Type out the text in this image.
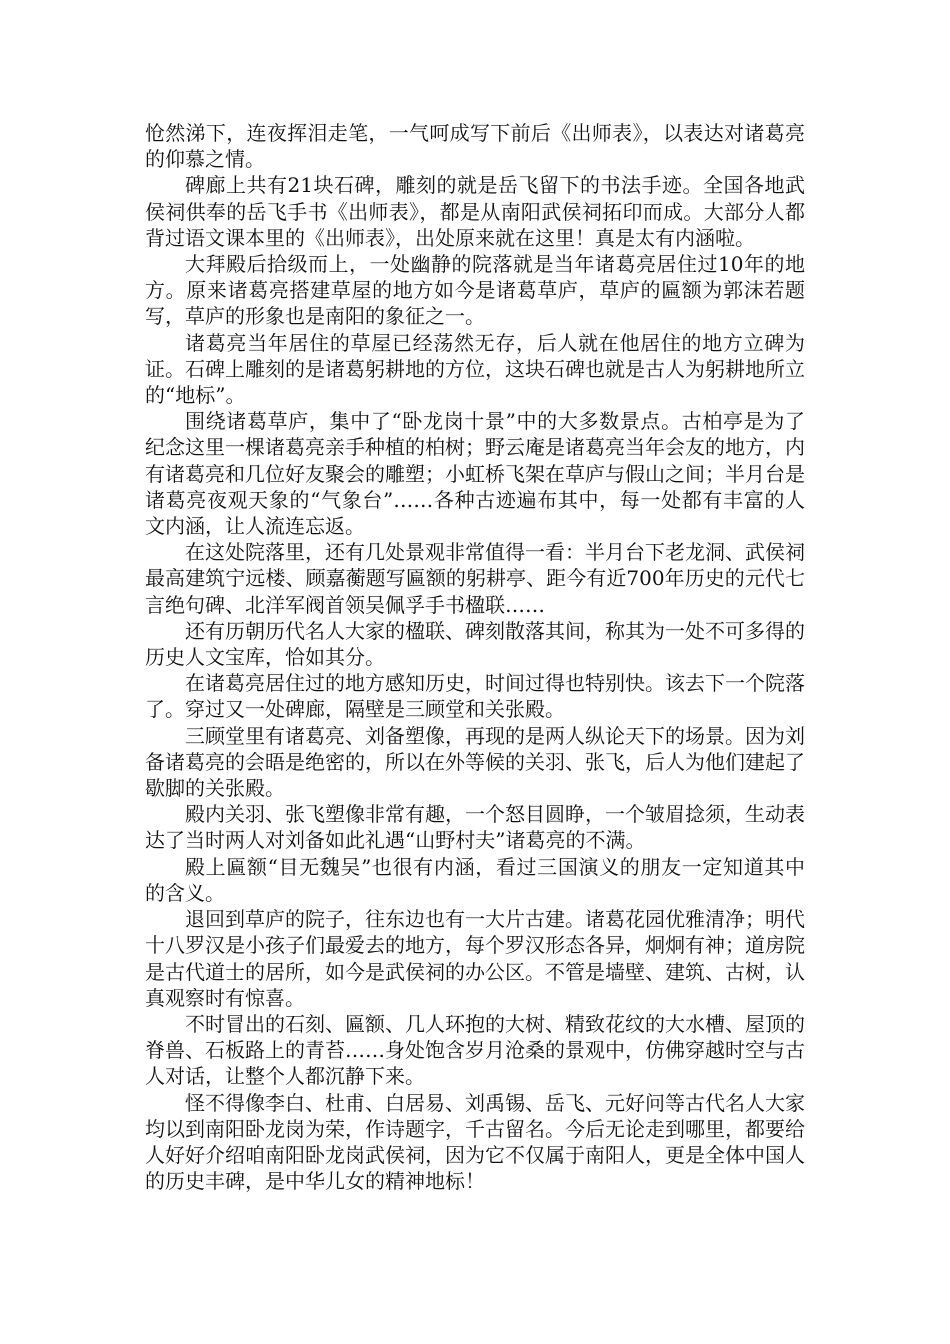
怆然涕下，连夜挥泪走笔，一气呵成写下前后《出师表》，以表达对诸葛亮的仰慕之情。

碑廊上共有21块石碑，雕刻的就是岳飞留下的书法手迹。全国各地武侯祠供奉的岳飞手书《出师表》，都是从南阳武侯祠拓印而成。大部分人都背过语文课本里的《出师表》，出处原来就在这里！真是太有内涵啦。

大拜殿后拾级而上，一处幽静的院落就是当年诸葛亮居住过10年的地方。原来诸葛亮搭建草屋的地方如今是诸葛草庐，草庐的匾额为郭沫若题写，草庐的形象也是南阳的象征之一。

诸葛亮当年居住的草屋已经荡然无存，后人就在他居住的地方立碑为证。石碑上雕刻的是诸葛躬耕地的方位，这块石碑也就是古人为躬耕地所立的“地标”。

围绕诸葛草庐，集中了“卧龙岗十景”中的大多数景点。古柏亭是为了纪念这里一棵诸葛亮亲手种植的柏树；野云庵是诸葛亮当年会友的地方，内有诸葛亮和几位好友聚会的雕塑；小虹桥飞架在草庐与假山之间；半月台是诸葛亮夜观天象的“气象台”……各种古迹遍布其中，每一处都有丰富的人文内涵，让人流连忘返。

在这处院落里，还有几处景观非常值得一看：半月台下老龙洞、武侯祠最高建筑宁远楼、顾嘉蘅题写匾额的躬耕亭、距今有近700年历史的元代七言绝句碑、北洋军阀首领吴佩孚手书楹联……

还有历朝历代名人大家的楹联、碑刻散落其间，称其为一处不可多得的历史人文宝库，恰如其分。

在诸葛亮居住过的地方感知历史，时间过得也特别快。该去下一个院落了。穿过又一处碑廊，隔壁是三顾堂和关张殿。

三顾堂里有诸葛亮、刘备塑像，再现的是两人纵论天下的场景。因为刘备诸葛亮的会晤是绝密的，所以在外等候的关羽、张飞，后人为他们建起了歇脚的关张殿。

殿内关羽、张飞塑像非常有趣，一个怒目圆睁，一个皱眉捻须，生动表达了当时两人对刘备如此礼遇“山野村夫”诸葛亮的不满。

殿上匾额“目无魏吴”也很有内涵，看过三国演义的朋友一定知道其中的含义。

退回到草庐的院子，往东边也有一大片古建。诸葛花园优雅清净；明代十八罗汉是小孩子们最爱去的地方，每个罗汉形态各异，炯炯有神；道房院是古代道士的居所，如今是武侯祠的办公区。不管是墙壁、建筑、古树，认真观察时有惊喜。

不时冒出的石刻、匾额、几人环抱的大树、精致花纹的大水槽、屋顶的脊兽、石板路上的青苔……身处饱含岁月沧桑的景观中，仿佛穿越时空与古人对话，让整个人都沉静下来。

怪不得像李白、杜甫、白居易、刘禹锡、岳飞、元好问等古代名人大家均以到南阳卧龙岗为荣，作诗题字，千古留名。今后无论走到哪里，都要给人好好介绍咱南阳卧龙岗武侯祠，因为它不仅属于南阳人，更是全体中国人的历史丰碑，是中华儿女的精神地标！
